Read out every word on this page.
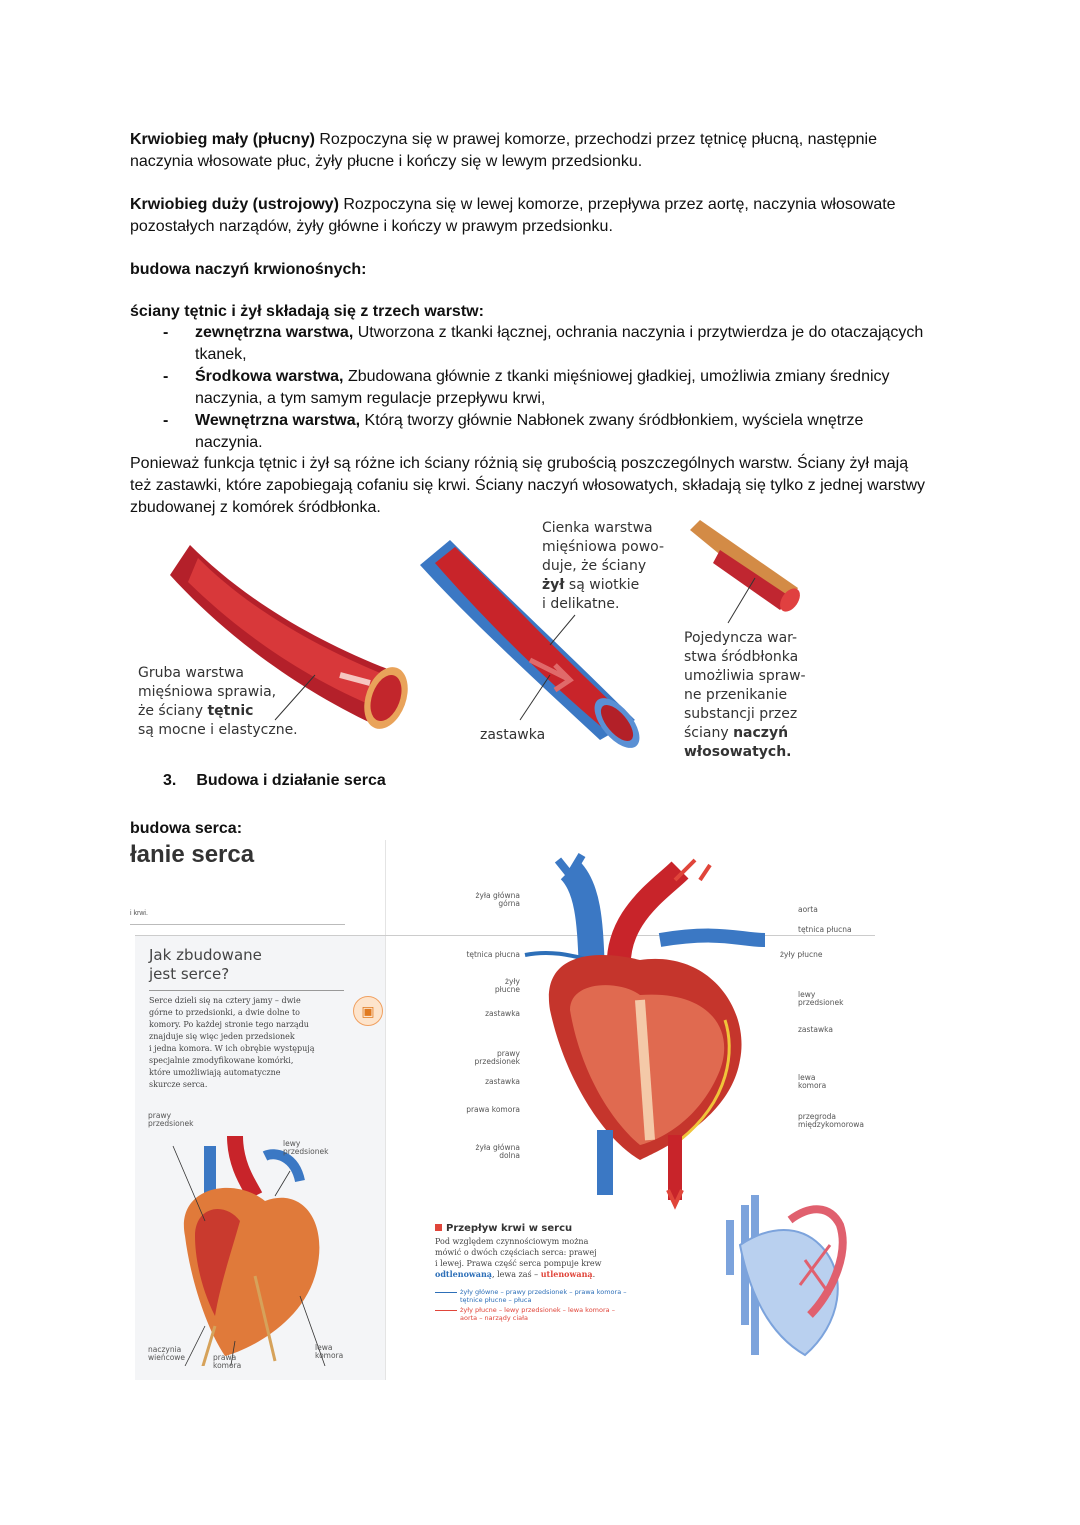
Krwiobieg mały (płucny) Rozpoczyna się w prawej komorze, przechodzi przez tętnicę płucną, następnie
naczynia włosowate płuc, żyły płucne i kończy się w lewym przedsionku.

Krwiobieg duży (ustrojowy) Rozpoczyna się w lewej komorze, przepływa przez aortę, naczynia włosowate
pozostałych narządów, żyły główne i kończy w prawym przedsionku.

budowa naczyń krwionośnych:

ściany tętnic i żył składają się z trzech warstw:

- zewnętrzna warstwa, Utworzona z tkanki łącznej, ochrania naczynia i przytwierdza je do otaczających
tkanek,
- Środkowa warstwa, Zbudowana głównie z tkanki mięśniowej gładkiej, umożliwia zmiany średnicy
naczynia, a tym samym regulacje przepływu krwi,
- Wewnętrzna warstwa, Którą tworzy głównie Nabłonek zwany śródbłonkiem, wyściela wnętrze
naczynia.

Ponieważ funkcja tętnic i żył są różne ich ściany różnią się grubością poszczególnych warstw. Ściany żył mają
też zastawki, które zapobiegają cofaniu się krwi. Ściany naczyń włosowatych, składają się tylko z jednej warstwy
zbudowanej z komórek śródbłonka.

Gruba warstwa
mięśniowa sprawia,
że ściany tętnic
są mocne i elastyczne.
Cienka warstwa
mięśniowa powo-
duje, że ściany
żył są wiotkie
i delikatne.
zastawka
Pojedyncza war-
stwa śródbłonka
umożliwia spraw-
ne przenikanie
substancji przez
ściany naczyń
włosowatych.
3. Budowa i działanie serca

budowa serca:

łanie serca
i krwi.
Jak zbudowane
jest serce?
Serce dzieli się na cztery jamy – dwie
górne to przedsionki, a dwie dolne to
komory. Po każdej stronie tego narządu
znajduje się więc jeden przedsionek
i jedna komora. W ich obrębie występują
specjalnie zmodyfikowane komórki,
które umożliwiają automatyczne
skurcze serca.
▣
prawy
przedsionek
lewy
przedsionek
naczynia
wieńcowe	prawa
komora
lewa
komora
żyła główna
górna
tętnica płucna
żyły
płucne
zastawka
prawy
przedsionek
zastawka
prawa komora
żyła główna
dolna
aorta
tętnica płucna
żyły płucne
lewy
przedsionek
zastawka
lewa
komora
przegroda
międzykomorowa
Przepływ krwi w sercu
Pod względem czynnościowym można
mówić o dwóch częściach serca: prawej
i lewej. Prawa część serca pompuje krew
odtlenowaną, lewa zaś – utlenowaną.
żyły główne – prawy przedsionek – prawa komora –
tętnice płucne – płuca
żyły płucne – lewy przedsionek – lewa komora –
aorta – narządy ciała
